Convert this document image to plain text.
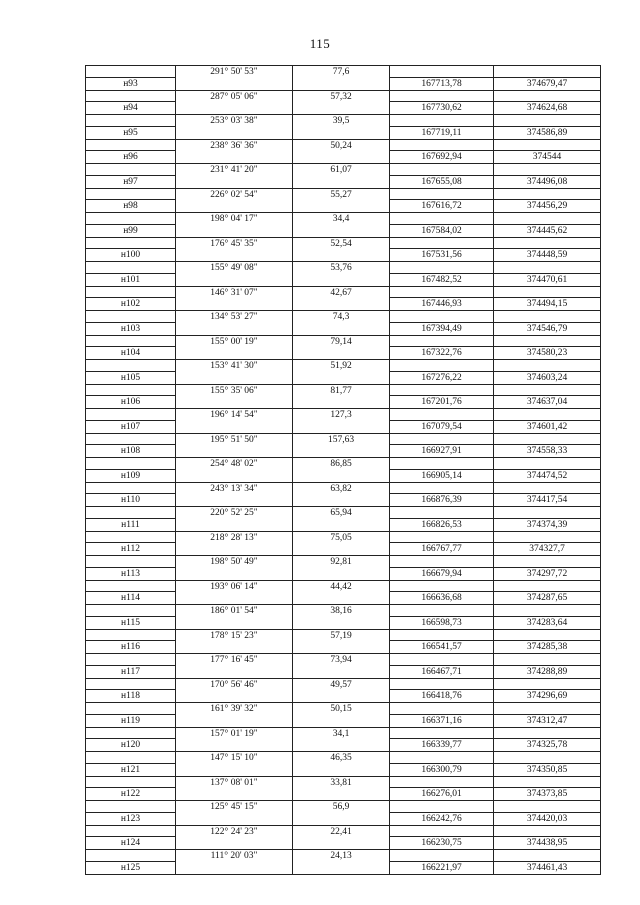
115
	291° 50' 53"	77,6		
н93			167713,78	374679,47
	287° 05' 06"	57,32		
н94			167730,62	374624,68
	253° 03' 38"	39,5		
н95			167719,11	374586,89
	238° 36' 36"	50,24		
н96			167692,94	374544
	231° 41' 20"	61,07		
н97			167655,08	374496,08
	226° 02' 54"	55,27		
н98			167616,72	374456,29
	198° 04' 17"	34,4		
н99			167584,02	374445,62
	176° 45' 35"	52,54		
н100			167531,56	374448,59
	155° 49' 08"	53,76		
н101			167482,52	374470,61
	146° 31' 07"	42,67		
н102			167446,93	374494,15
	134° 53' 27"	74,3		
н103			167394,49	374546,79
	155° 00' 19"	79,14		
н104			167322,76	374580,23
	153° 41' 30"	51,92		
н105			167276,22	374603,24
	155° 35' 06"	81,77		
н106			167201,76	374637,04
	196° 14' 54"	127,3		
н107			167079,54	374601,42
	195° 51' 50"	157,63		
н108			166927,91	374558,33
	254° 48' 02"	86,85		
н109			166905,14	374474,52
	243° 13' 34"	63,82		
н110			166876,39	374417,54
	220° 52' 25"	65,94		
н111			166826,53	374374,39
	218° 28' 13"	75,05		
н112			166767,77	374327,7
	198° 50' 49"	92,81		
н113			166679,94	374297,72
	193° 06' 14"	44,42		
н114			166636,68	374287,65
	186° 01' 54"	38,16		
н115			166598,73	374283,64
	178° 15' 23"	57,19		
н116			166541,57	374285,38
	177° 16' 45"	73,94		
н117			166467,71	374288,89
	170° 56' 46"	49,57		
н118			166418,76	374296,69
	161° 39' 32"	50,15		
н119			166371,16	374312,47
	157° 01' 19"	34,1		
н120			166339,77	374325,78
	147° 15' 10"	46,35		
н121			166300,79	374350,85
	137° 08' 01"	33,81		
н122			166276,01	374373,85
	125° 45' 15"	56,9		
н123			166242,76	374420,03
	122° 24' 23"	22,41		
н124			166230,75	374438,95
	111° 20' 03"	24,13		
н125			166221,97	374461,43
